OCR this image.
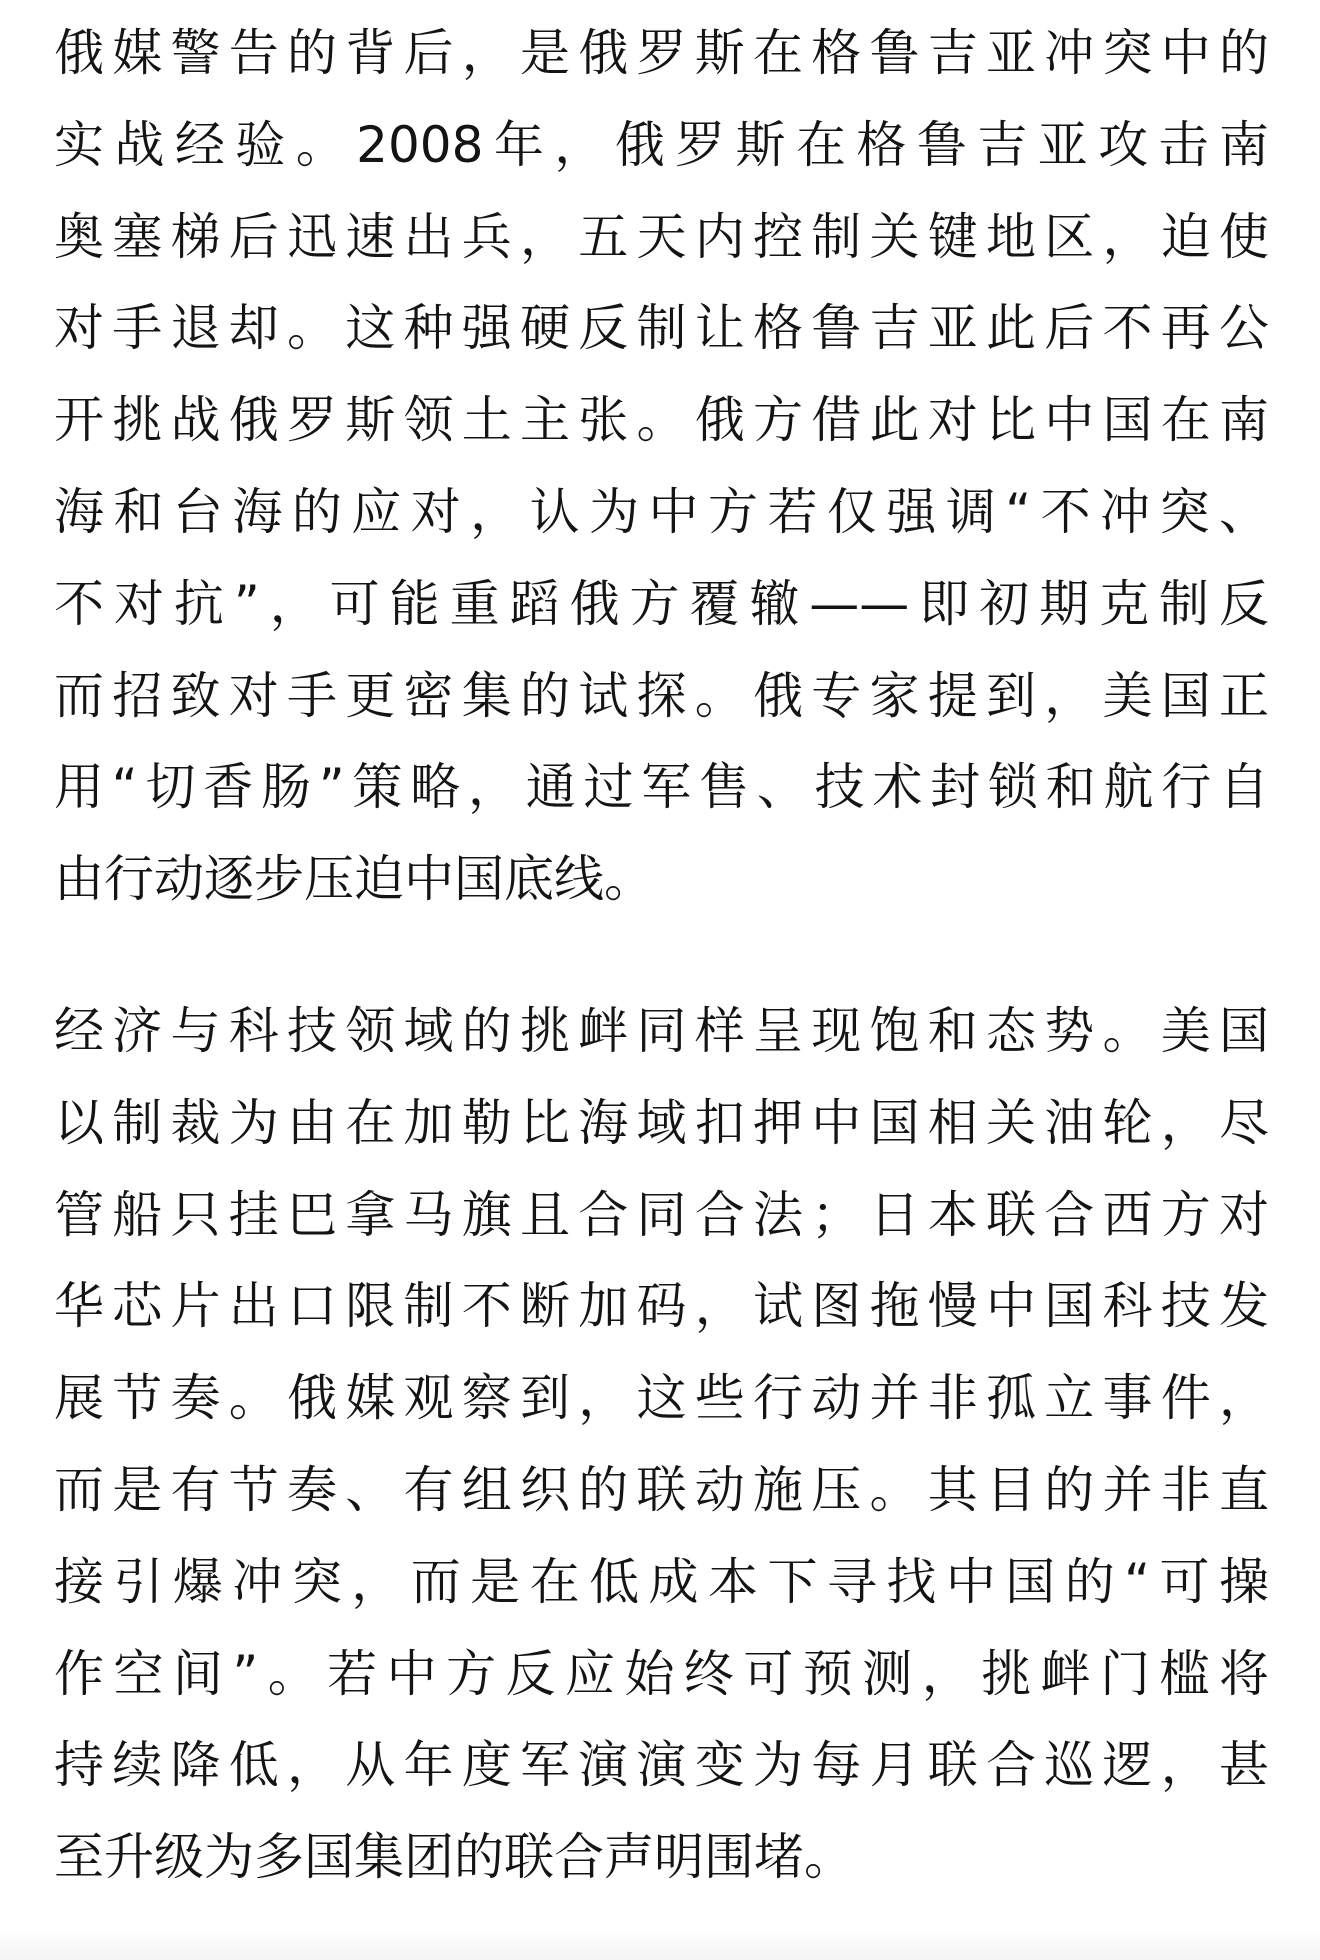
俄媒警告的背后，是俄罗斯在格鲁吉亚冲突中的
实战经验。2008年，俄罗斯在格鲁吉亚攻击南
奥塞梯后迅速出兵，五天内控制关键地区，迫使
对手退却。这种强硬反制让格鲁吉亚此后不再公
开挑战俄罗斯领土主张。俄方借此对比中国在南
海和台海的应对，认为中方若仅强调“不冲突、
不对抗”，可能重蹈俄方覆辙——即初期克制反
而招致对手更密集的试探。俄专家提到，美国正
用“切香肠”策略，通过军售、技术封锁和航行自
由行动逐步压迫中国底线。
经济与科技领域的挑衅同样呈现饱和态势。美国
以制裁为由在加勒比海域扣押中国相关油轮，尽
管船只挂巴拿马旗且合同合法；日本联合西方对
华芯片出口限制不断加码，试图拖慢中国科技发
展节奏。俄媒观察到，这些行动并非孤立事件，
而是有节奏、有组织的联动施压。其目的并非直
接引爆冲突，而是在低成本下寻找中国的“可操
作空间”。若中方反应始终可预测，挑衅门槛将
持续降低，从年度军演演变为每月联合巡逻，甚
至升级为多国集团的联合声明围堵。
